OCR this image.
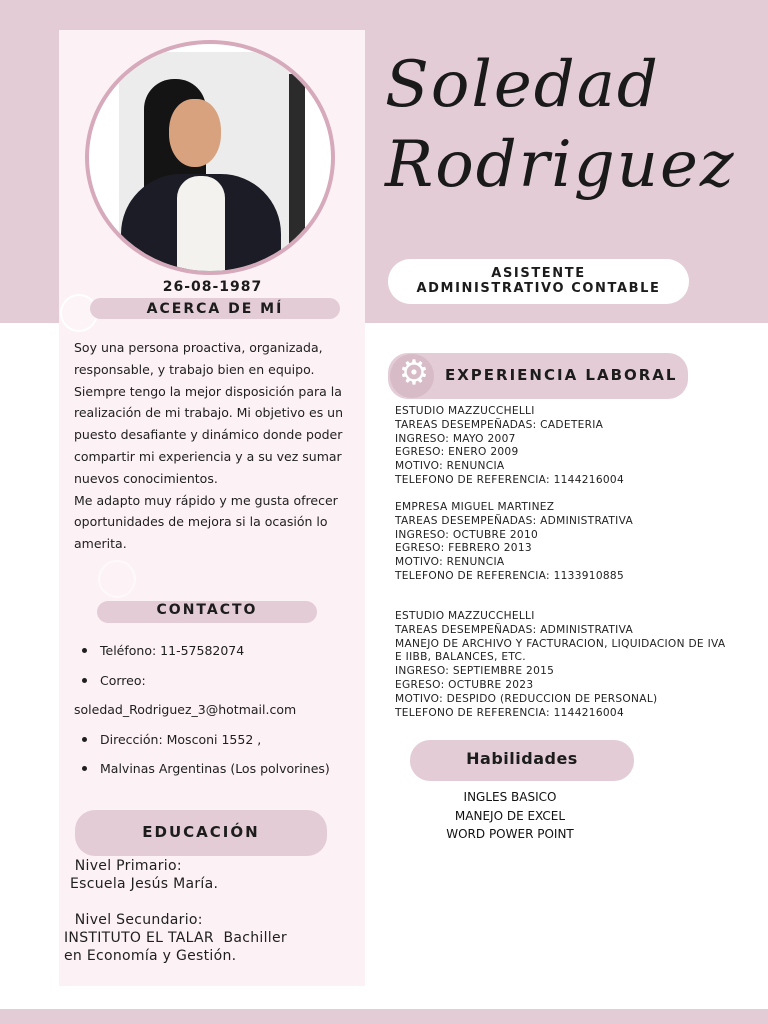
Soledad
Rodriguez
ASISTENTE
ADMINISTRATIVO CONTABLE
26-08-1987
ACERCA DE MÍ
Soy una persona proactiva, organizada, responsable, y trabajo bien en equipo. Siempre tengo la mejor disposición para la realización de mi trabajo. Mi objetivo es un puesto desafiante y dinámico donde poder compartir mi experiencia y a su vez sumar nuevos conocimientos.
Me adapto muy rápido y me gusta ofrecer oportunidades de mejora si la ocasión lo amerita.
CONTACTO
Teléfono: 11-57582074
Correo:
soledad_Rodriguez_3@hotmail.com
Dirección: Mosconi 1552 ,
Malvinas Argentinas (Los polvorines)
EDUCACIÓN
Nivel Primario:
Escuela Jesús María.
Nivel Secundario:
INSTITUTO EL TALAR  Bachiller
en Economía y Gestión.
EXPERIENCIA LABORAL
⚙
ESTUDIO MAZZUCCHELLI
TAREAS DESEMPEÑADAS: CADETERIA
INGRESO: MAYO 2007
EGRESO: ENERO 2009
MOTIVO: RENUNCIA
TELEFONO DE REFERENCIA: 1144216004
EMPRESA MIGUEL MARTINEZ
TAREAS DESEMPEÑADAS: ADMINISTRATIVA
INGRESO: OCTUBRE 2010
EGRESO: FEBRERO 2013
MOTIVO: RENUNCIA
TELEFONO DE REFERENCIA: 1133910885
ESTUDIO MAZZUCCHELLI
TAREAS DESEMPEÑADAS: ADMINISTRATIVA
MANEJO DE ARCHIVO Y FACTURACION, LIQUIDACION DE IVA
E IIBB, BALANCES, ETC.
INGRESO: SEPTIEMBRE 2015
EGRESO: OCTUBRE 2023
MOTIVO: DESPIDO (REDUCCION DE PERSONAL)
TELEFONO DE REFERENCIA: 1144216004
Habilidades
INGLES BASICO
MANEJO DE EXCEL
WORD POWER POINT
